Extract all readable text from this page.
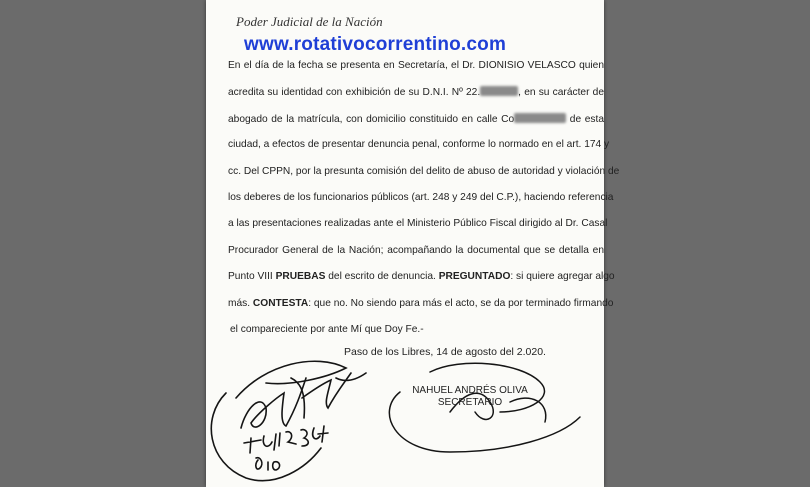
Poder Judicial de la Nación
www.rotativocorrentino.com
En el día de la fecha se presenta en Secretaría, el Dr. DIONISIO VELASCO quien
acredita su identidad con exhibición de su D.N.I. Nº 22.	, en su carácter de
abogado de la matrícula, con domicilio constituido en calle Co	de esta
ciudad, a efectos de presentar denuncia penal, conforme lo normado en el art. 174 y
cc. Del CPPN, por la presunta comisión del delito de abuso de autoridad y violación de
los deberes de los funcionarios públicos (art. 248 y 249 del C.P.), haciendo referencia
a las presentaciones realizadas ante el Ministerio Público Fiscal dirigido al Dr. Casal
Procurador General de la Nación; acompañando la documental que se detalla en
Punto VIII PRUEBAS del escrito de denuncia. PREGUNTADO: si quiere agregar algo
más. CONTESTA: que no. No siendo para más el acto, se da por terminado firmando
el compareciente por ante Mí que Doy Fe.-
Paso de los Libres, 14 de agosto del 2.020.
NAHUEL ANDRÉS OLIVA
SECRETARIO
